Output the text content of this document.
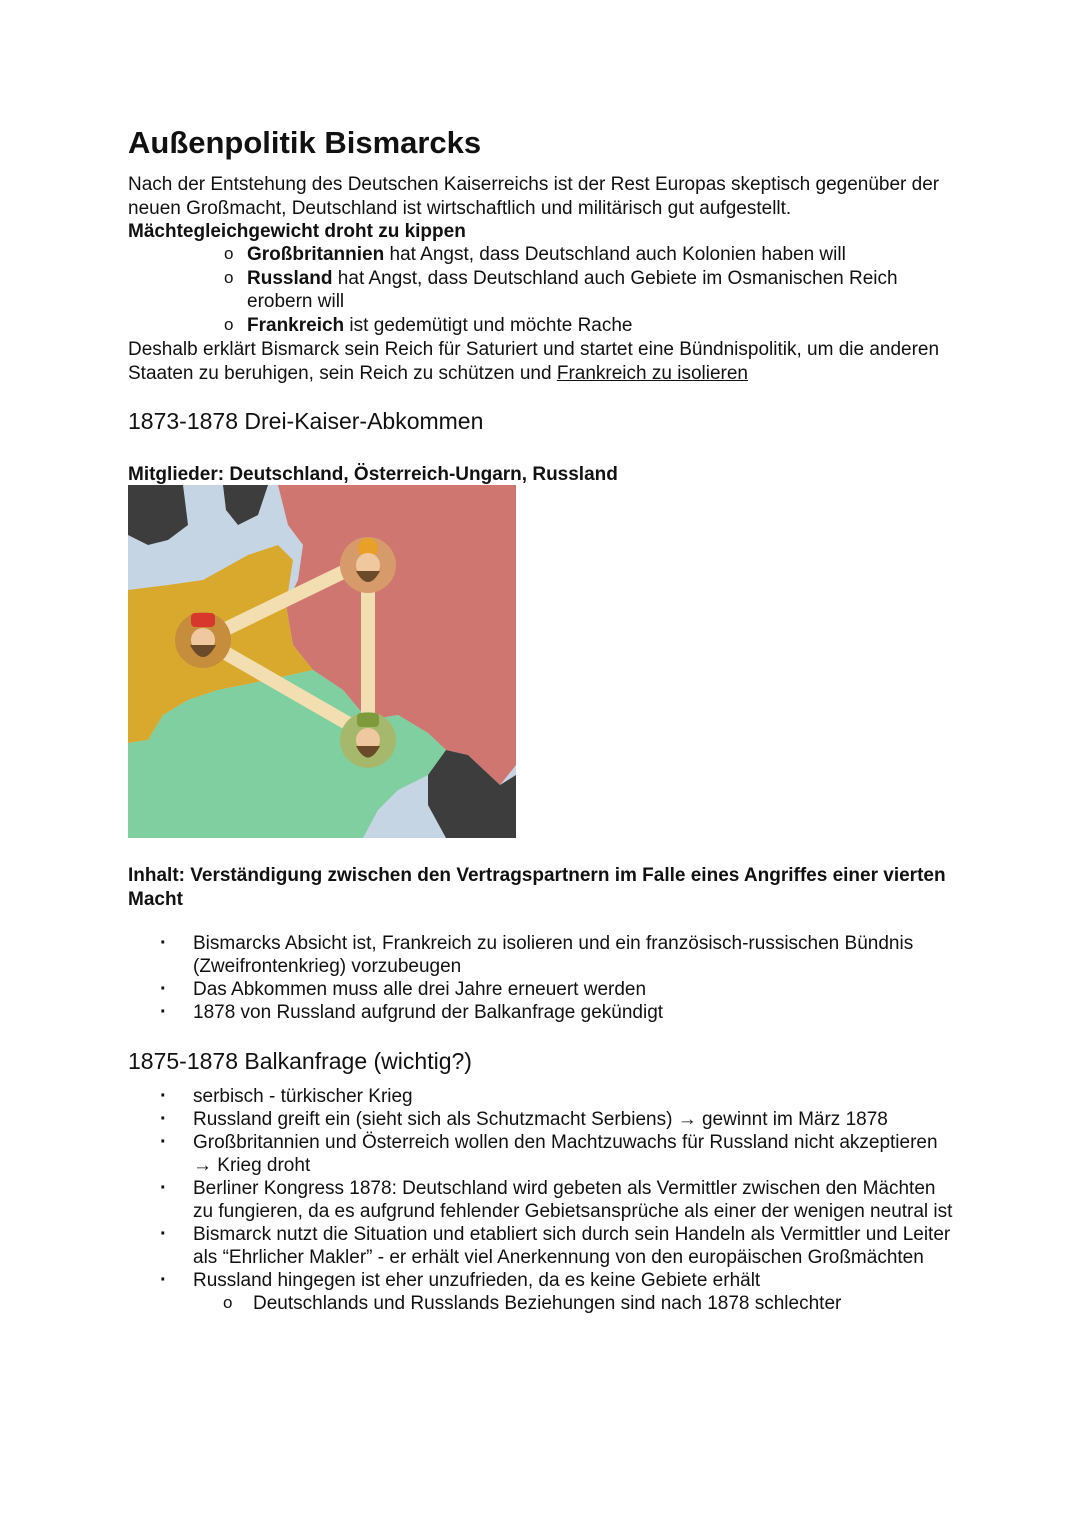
Außenpolitik Bismarcks

Nach der Entstehung des Deutschen Kaiserreichs ist der Rest Europas skeptisch gegenüber der neuen Großmacht, Deutschland ist wirtschaftlich und militärisch gut aufgestellt.

Mächtegleichgewicht droht zu kippen

o Großbritannien hat Angst, dass Deutschland auch Kolonien haben will
o Russland hat Angst, dass Deutschland auch Gebiete im Osmanischen Reich erobern will
o Frankreich ist gedemütigt und möchte Rache

Deshalb erklärt Bismarck sein Reich für Saturiert und startet eine Bündnispolitik, um die anderen Staaten zu beruhigen, sein Reich zu schützen und Frankreich zu isolieren

1873-1878 Drei-Kaiser-Abkommen

Mitglieder: Deutschland, Österreich-Ungarn, Russland

Inhalt: Verständigung zwischen den Vertragspartnern im Falle eines Angriffes einer vierten Macht

· Bismarcks Absicht ist, Frankreich zu isolieren und ein französisch-russischen Bündnis (Zweifrontenkrieg) vorzubeugen
· Das Abkommen muss alle drei Jahre erneuert werden
· 1878 von Russland aufgrund der Balkanfrage gekündigt
1875-1878 Balkanfrage (wichtig?)
· serbisch - türkischer Krieg
· Russland greift ein (sieht sich als Schutzmacht Serbiens) → gewinnt im März 1878
· Großbritannien und Österreich wollen den Machtzuwachs für Russland nicht akzeptieren → Krieg droht
· Berliner Kongress 1878: Deutschland wird gebeten als Vermittler zwischen den Mächten zu fungieren, da es aufgrund fehlender Gebietsansprüche als einer der wenigen neutral ist
· Bismarck nutzt die Situation und etabliert sich durch sein Handeln als Vermittler und Leiter als “Ehrlicher Makler” - er erhält viel Anerkennung von den europäischen Großmächten
· Russland hingegen ist eher unzufrieden, da es keine Gebiete erhält
o Deutschlands und Russlands Beziehungen sind nach 1878 schlechter
